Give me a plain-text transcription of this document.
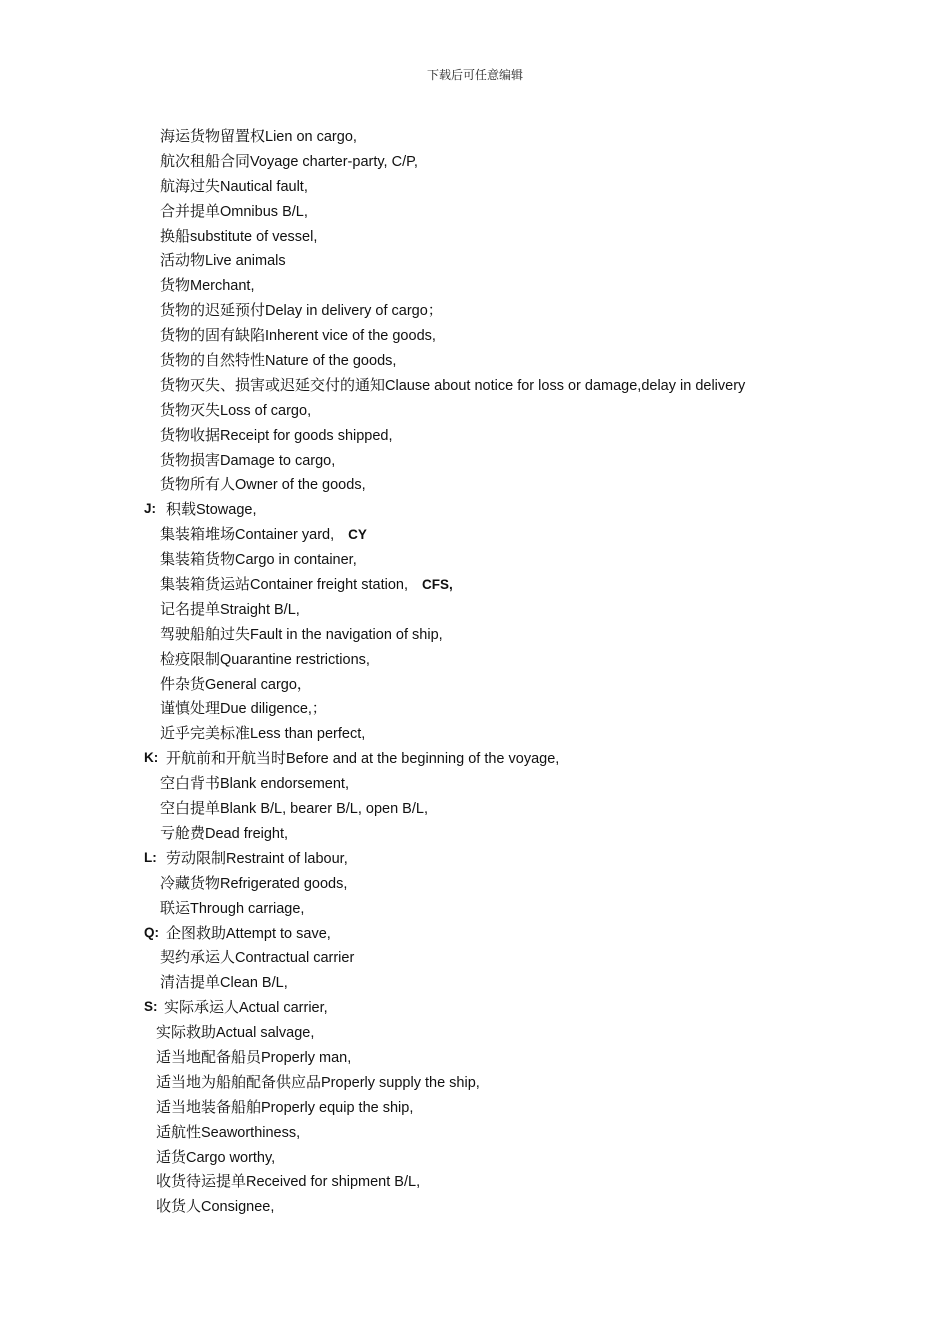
下载后可任意编辑
海运货物留置权Lien on cargo,
航次租船合同Voyage charter-party, C/P,
航海过失Nautical fault,
合并提单Omnibus B/L,
换船substitute of vessel,
活动物Live animals
货物Merchant,
货物的迟延预付Delay in delivery of cargo；
货物的固有缺陷Inherent vice of the goods,
货物的自然特性Nature of the goods,
货物灭失、损害或迟延交付的通知Clause about notice for loss or damage,delay in delivery
货物灭失Loss of cargo,
货物收据Receipt for goods shipped,
货物损害Damage to cargo,
货物所有人Owner of the goods,
J: 积载Stowage,
集装箱堆场Container yard, CY
集装箱货物Cargo in container,
集装箱货运站Container freight station, CFS,
记名提单Straight B/L,
驾驶船舶过失Fault in the navigation of ship,
检疫限制Quarantine restrictions,
件杂货General cargo，
谨慎处理Due diligence,；
近乎完美标准Less than perfect,
K: 开航前和开航当时Before and at the beginning of the voyage,
空白背书Blank endorsement,
空白提单Blank B/L, bearer B/L, open B/L,
亏舱费Dead freight,
L: 劳动限制Restraint of labour,
冷藏货物Refrigerated goods,
联运Through carriage,
Q: 企图救助Attempt to save,
契约承运人Contractual carrier
清洁提单Clean B/L,
S: 实际承运人Actual carrier,
实际救助Actual salvage,
适当地配备船员Properly man,
适当地为船舶配备供应品Properly supply the ship,
适当地装备船舶Properly equip the ship,
适航性Seaworthiness,
适货Cargo worthy,
收货待运提单Received for shipment B/L,
收货人Consignee,
